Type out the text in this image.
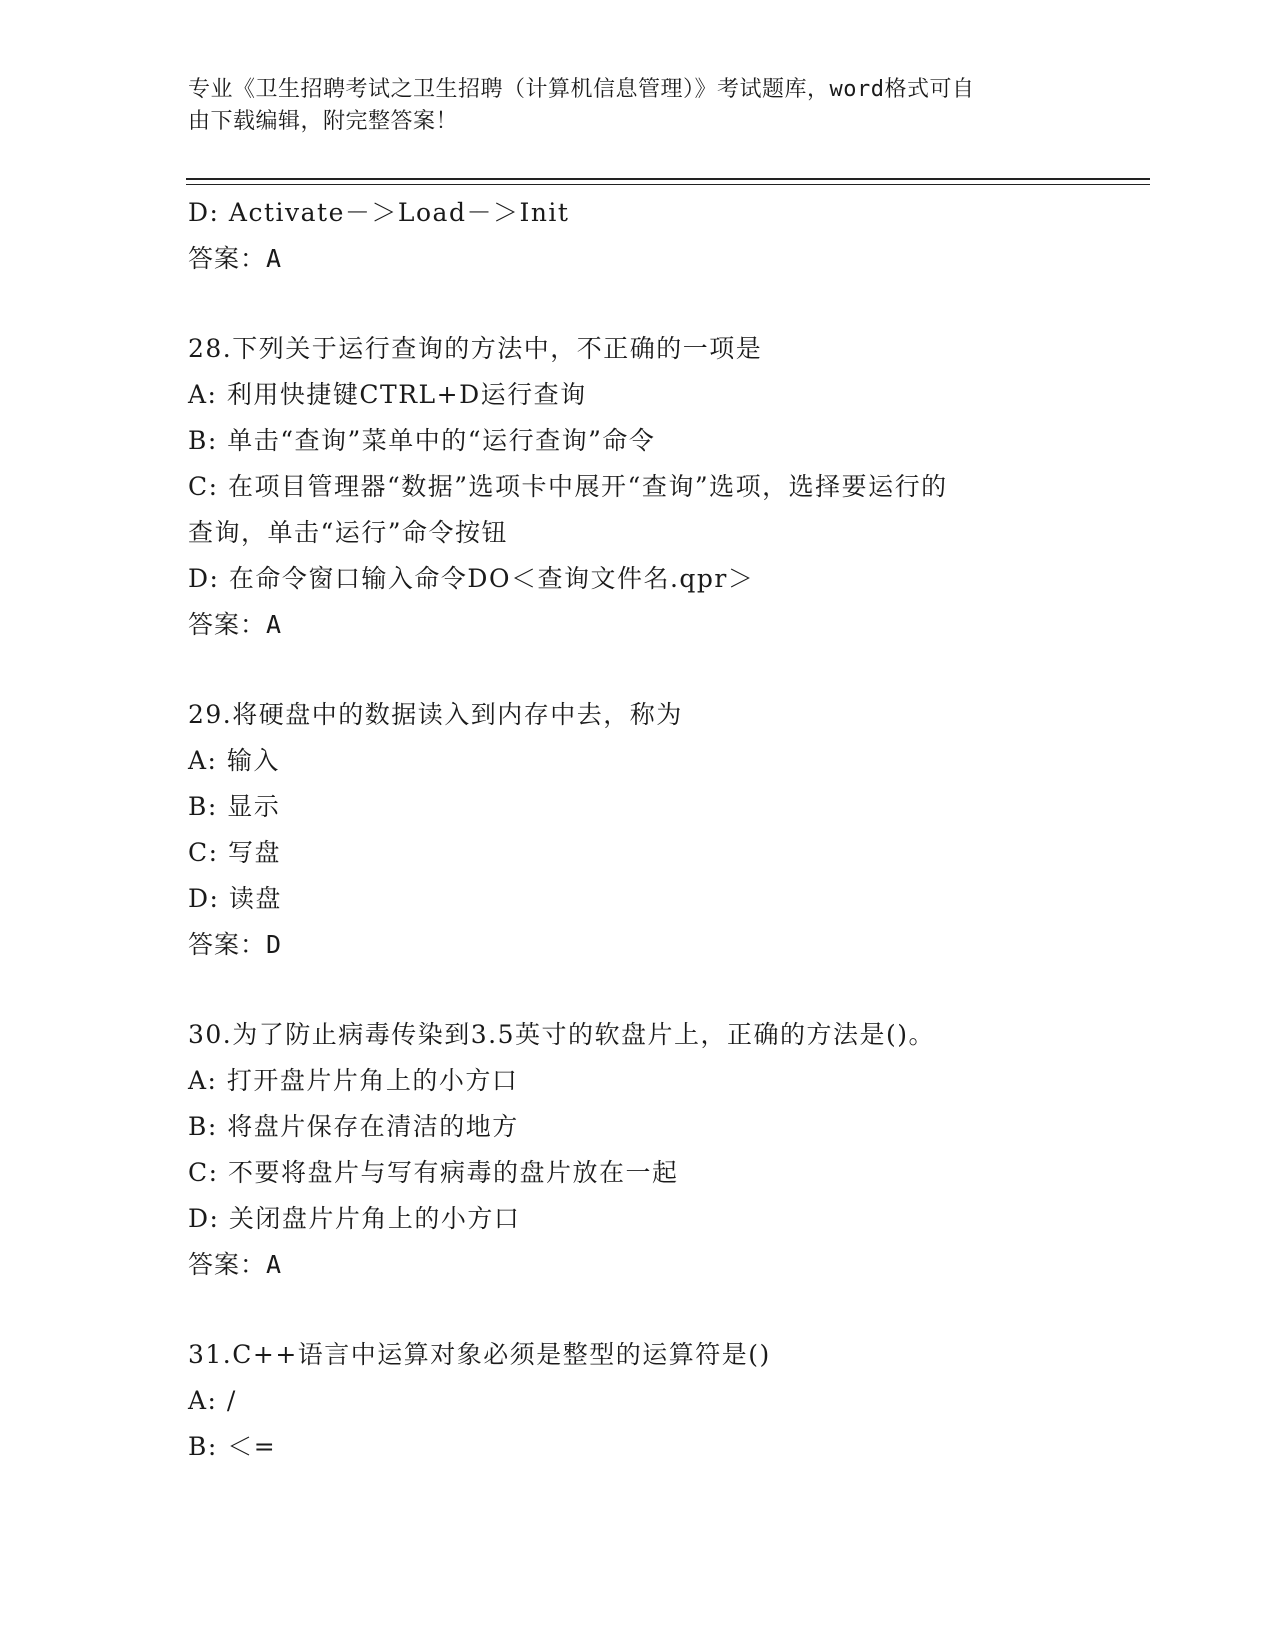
专业《卫生招聘考试之卫生招聘（计算机信息管理）》考试题库，word格式可自
由下载编辑，附完整答案！
D: Activate－＞Load－＞Init
答案：A
28.下列关于运行查询的方法中，不正确的一项是
A: 利用快捷键CTRL+D运行查询
B: 单击“查询”菜单中的“运行查询”命令
C: 在项目管理器“数据”选项卡中展开“查询”选项，选择要运行的
查询，单击“运行”命令按钮
D: 在命令窗口输入命令DO＜查询文件名.qpr＞
答案：A
29.将硬盘中的数据读入到内存中去，称为
A: 输入
B: 显示
C: 写盘
D: 读盘
答案：D
30.为了防止病毒传染到3.5英寸的软盘片上，正确的方法是()。
A: 打开盘片片角上的小方口
B: 将盘片保存在清洁的地方
C: 不要将盘片与写有病毒的盘片放在一起
D: 关闭盘片片角上的小方口
答案：A
31.C++语言中运算对象必须是整型的运算符是()
A: /
B: ＜=
